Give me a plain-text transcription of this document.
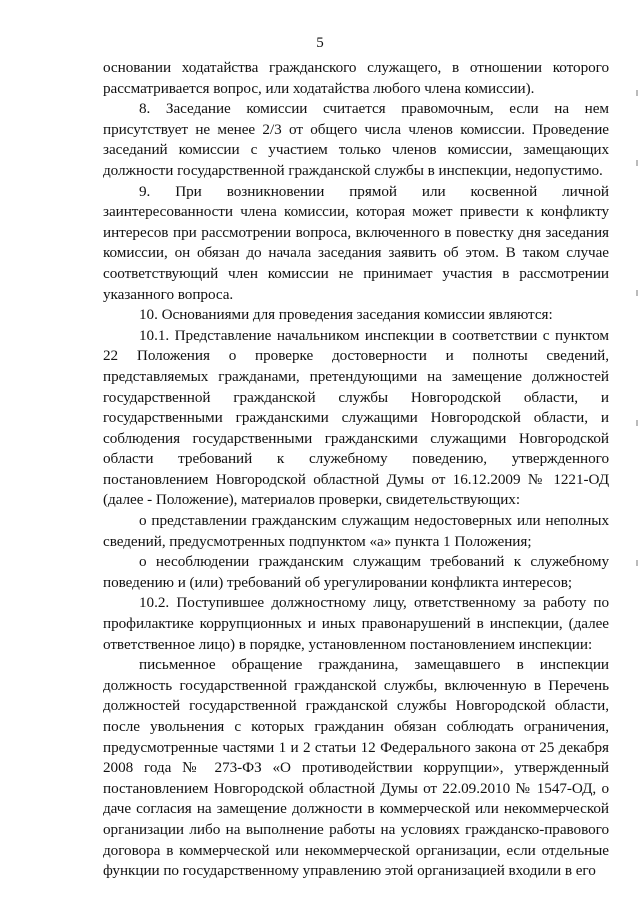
5

основании ходатайства гражданского служащего, в отношении которого рассматривается вопрос, или ходатайства любого члена комиссии).

8. Заседание комиссии считается правомочным, если на нем присутствует не менее 2/3 от общего числа членов комиссии. Проведение заседаний комиссии с участием только членов комиссии, замещающих должности государственной гражданской службы в инспекции, недопустимо.

9. При возникновении прямой или косвенной личной заинтересованности члена комиссии, которая может привести к конфликту интересов при рассмотрении вопроса, включенного в повестку дня заседания комиссии, он обязан до начала заседания заявить об этом. В таком случае соответствующий член комиссии не принимает участия в рассмотрении указанного вопроса.

10. Основаниями для проведения заседания комиссии являются:

10.1. Представление начальником инспекции в соответствии с пунктом 22 Положения о проверке достоверности и полноты сведений, представляемых гражданами, претендующими на замещение должностей государственной гражданской службы Новгородской области, и государственными гражданскими служащими Новгородской области, и соблюдения государственными гражданскими служащими Новгородской области требований к служебному поведению, утвержденного постановлением Новгородской областной Думы от 16.12.2009 № 1221-ОД (далее - Положение), материалов проверки, свидетельствующих:

о представлении гражданским служащим недостоверных или неполных сведений, предусмотренных подпунктом «а» пункта 1 Положения;

о несоблюдении гражданским служащим требований к служебному поведению и (или) требований об урегулировании конфликта интересов;

10.2. Поступившее должностному лицу, ответственному за работу по профилактике коррупционных и иных правонарушений в инспекции, (далее ответственное лицо) в порядке, установленном постановлением инспекции:

письменное обращение гражданина, замещавшего в инспекции должность государственной гражданской службы, включенную в Перечень должностей государственной гражданской службы Новгородской области, после увольнения с которых гражданин обязан соблюдать ограничения, предусмотренные частями 1 и 2 статьи 12 Федерального закона от 25 декабря 2008 года № 273-ФЗ «О противодействии коррупции», утвержденный постановлением Новгородской областной Думы от 22.09.2010 № 1547-ОД, о даче согласия на замещение должности в коммерческой или некоммерческой организации либо на выполнение работы на условиях гражданско-правового договора в коммерческой или некоммерческой организации, если отдельные функции по государственному управлению этой организацией входили в его
